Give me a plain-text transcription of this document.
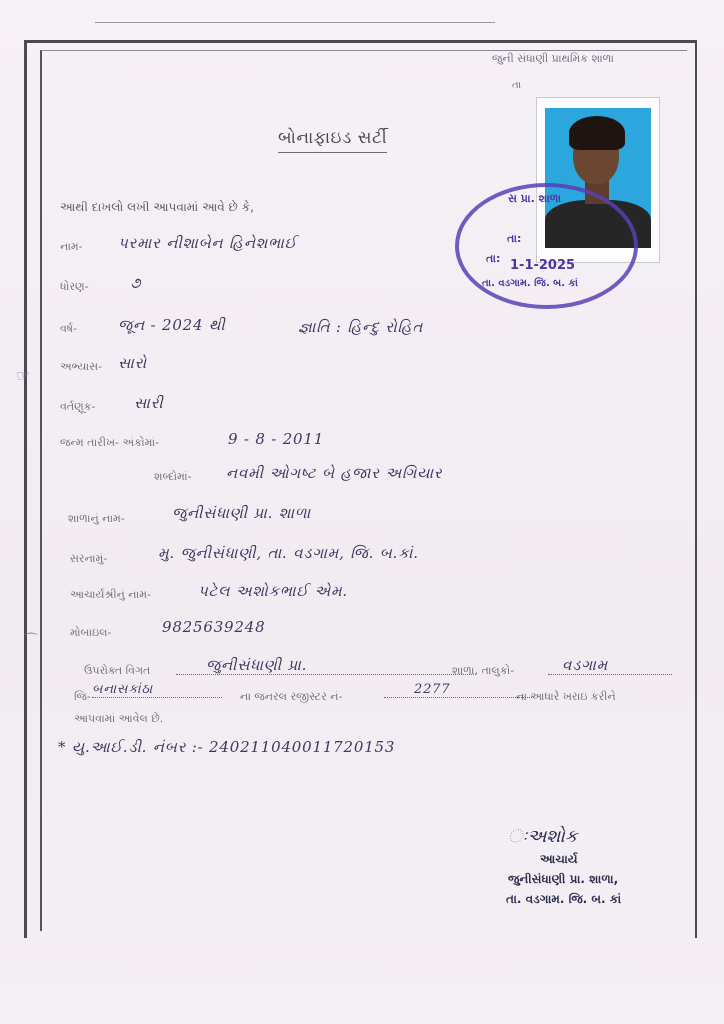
જુની સંધાણી પ્રાથમિક શાળા
તા
બોનાફાઇડ સર્ટી
સ પ્રા. શાળા
તા:
તા: 1-1-2025
તા. વડગામ. જિ. બ. કાં
આથી દાખલો લખી આપવામાં આવે છે કે,
નામ- પરમાર નીશાબેન હિનેશભાઈ
ધોરણ-	૭
વર્ષ-	જૂન - 2024 થી	જ્ઞાતિ : હિન્દુ રોહિત
અભ્યાસ- સારો
વર્તણૂંક-	સારી
જન્મ તારીખ- અંકોમાં-	9 - 8 - 2011
શબ્દોમાં- નવમી ઓગષ્ટ બે હજાર અગિયાર
શાળાનું નામ-	જુનીસંધાણી પ્રા. શાળા
સરનામું-	મુ. જુનીસંધાણી, તા. વડગામ, જિ. બ.કાં.
આચાર્યશ્રીનું નામ-	પટેલ અશોકભાઈ એમ.
મોબાઇલ-	9825639248
ઉપરોક્ત વિગત	જુનીસંધાણી પ્રા.	શાળા, તાલુકો-	વડગામ
જિ- બનાસકાંઠા	ના જનરલ રજીસ્ટર નં-	2277	ના આધારે ખરાઇ કરીને
આપવામાં આવેલ છે.
* યુ.આઈ.ડી. નંબર :- 240211040011720153
ઃઅશોક
આચાર્ય
જુનીસંધાણી પ્રા. શાળા,
તા. વડગામ. જિ. બ. કાં
☞
⌒
